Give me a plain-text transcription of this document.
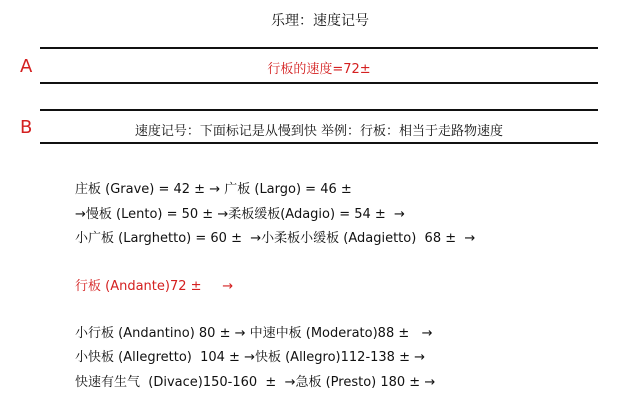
乐理：速度记号
A	行板的速度=72±
B	速度记号：下面标记是从慢到快 举例：行板：相当于走路物速度
庄板 (Grave) = 42 ± → 广板 (Largo) = 46 ±
→慢板 (Lento) = 50 ± →柔板缓板(Adagio) = 54 ±  →
小广板 (Larghetto) = 60 ±  →小柔板小缓板 (Adagietto)  68 ±  →
行板 (Andante)72 ±     →
小行板 (Andantino) 80 ± → 中速中板 (Moderato)88 ±   →
小快板 (Allegretto)  104 ± →快板 (Allegro)112-138 ± →
快速有生气  (Divace)150-160  ±  →急板 (Presto) 180 ± →
